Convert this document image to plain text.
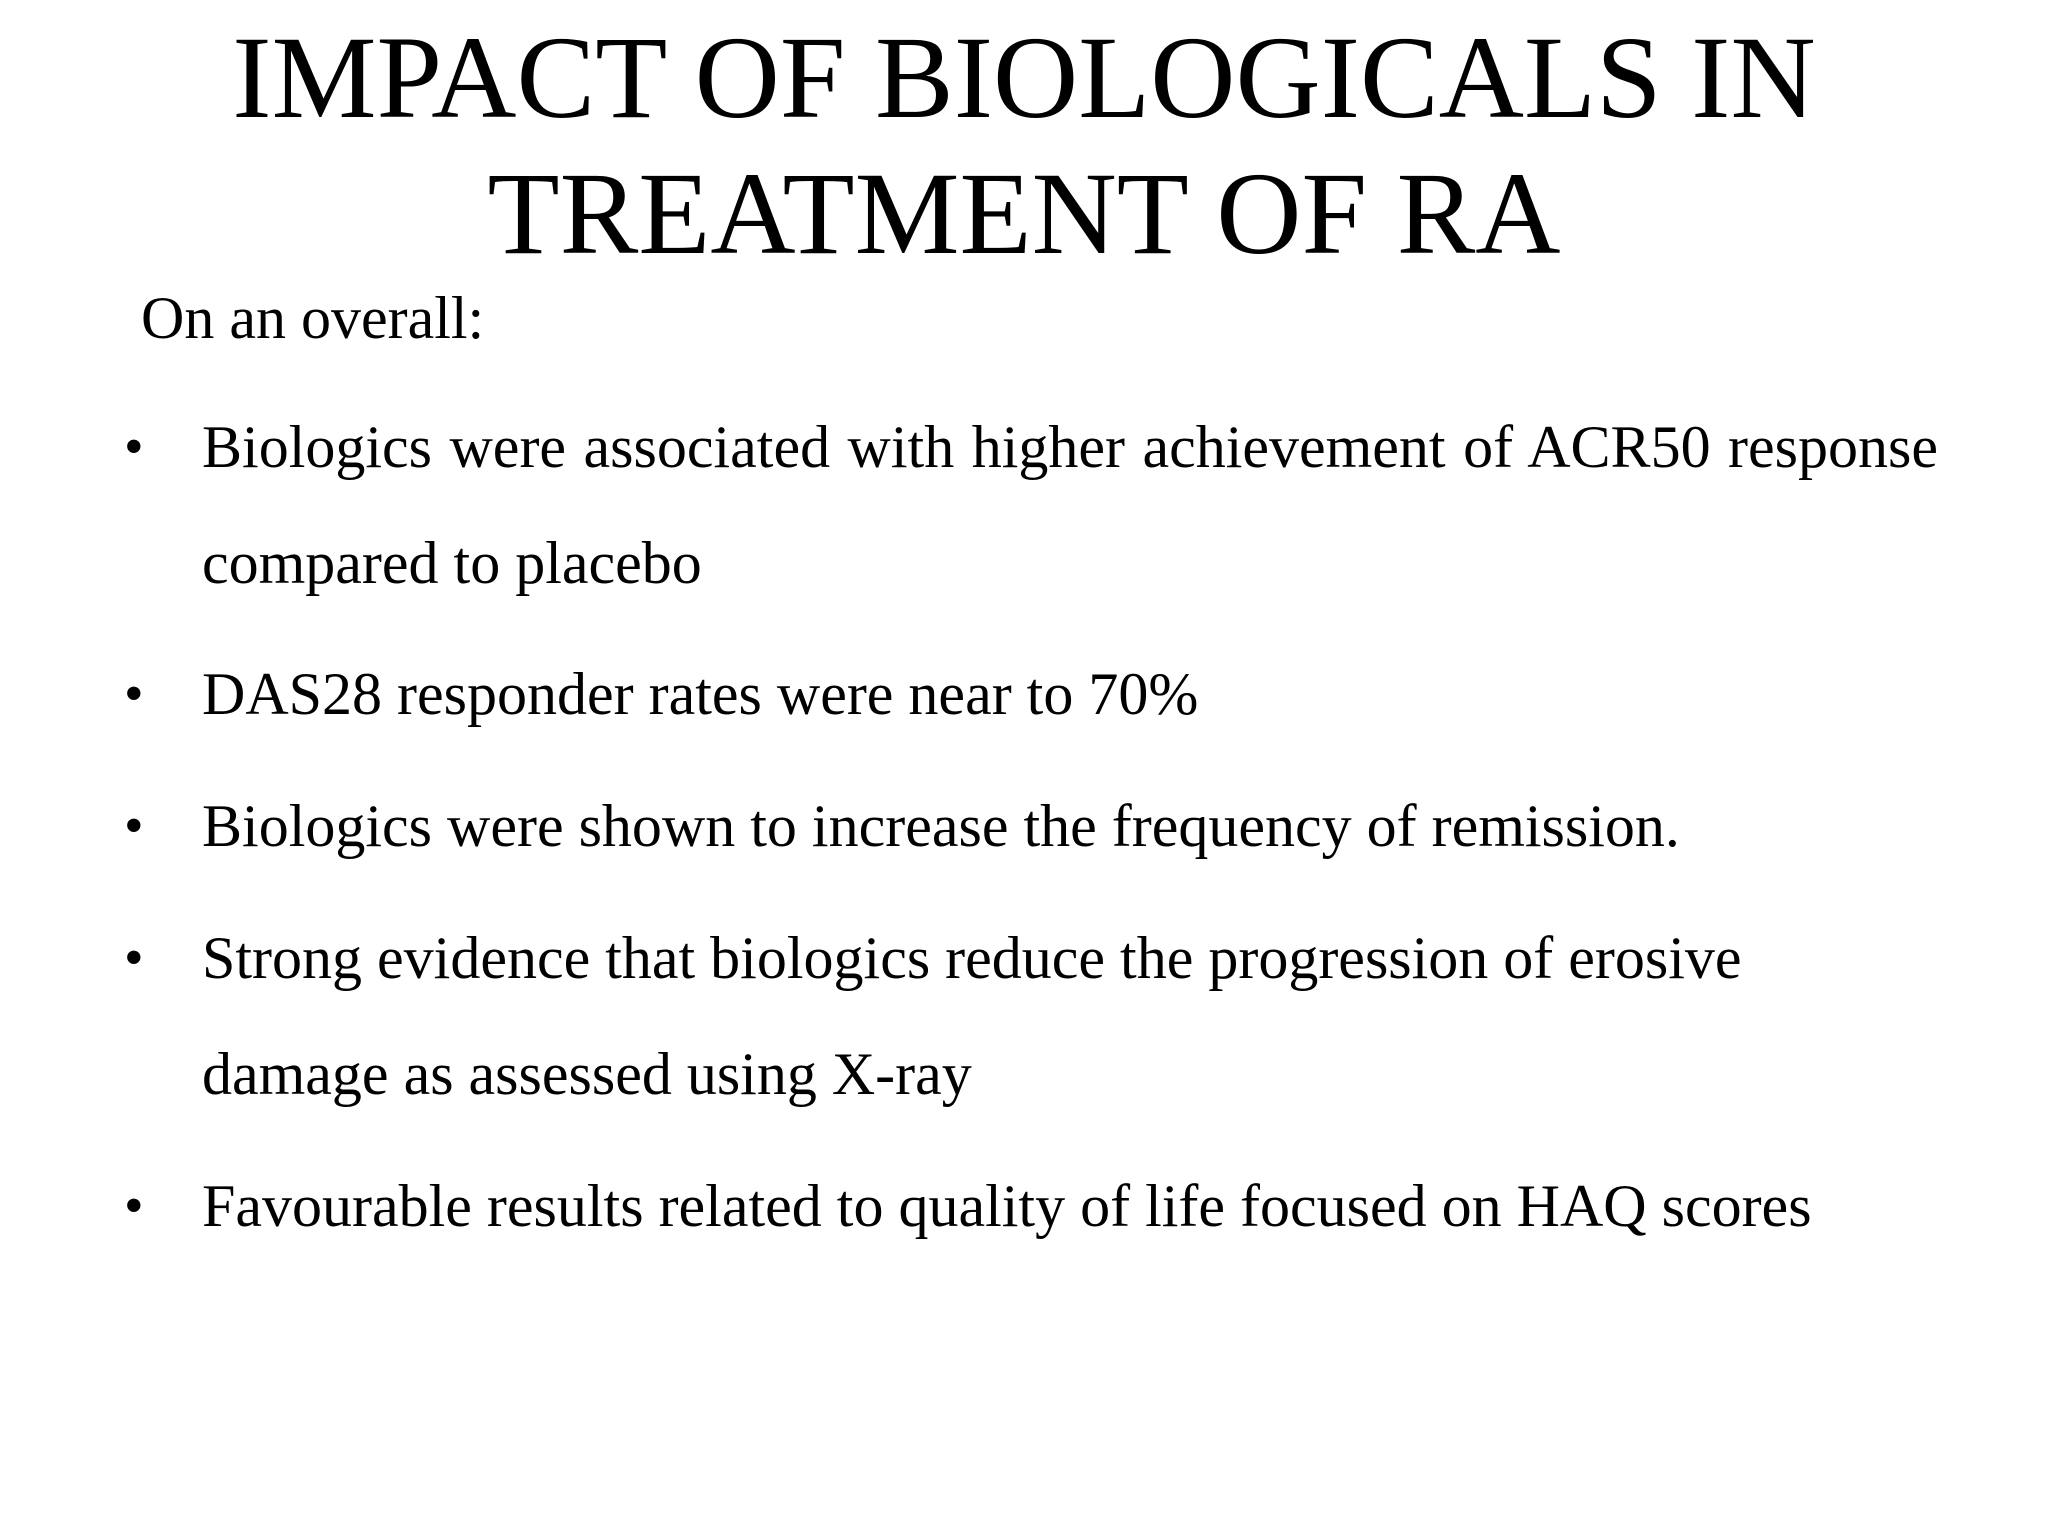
IMPACT OF BIOLOGICALS IN
TREATMENT OF RA

On an overall:

• Biologics were associated with higher achievement of ACR50 response compared to placebo

• DAS28 responder rates were near to 70%

• Biologics were shown to increase the frequency of remission.

• Strong evidence that biologics reduce the progression of erosive damage as assessed using X-ray

• Favourable results related to quality of life focused on HAQ scores
